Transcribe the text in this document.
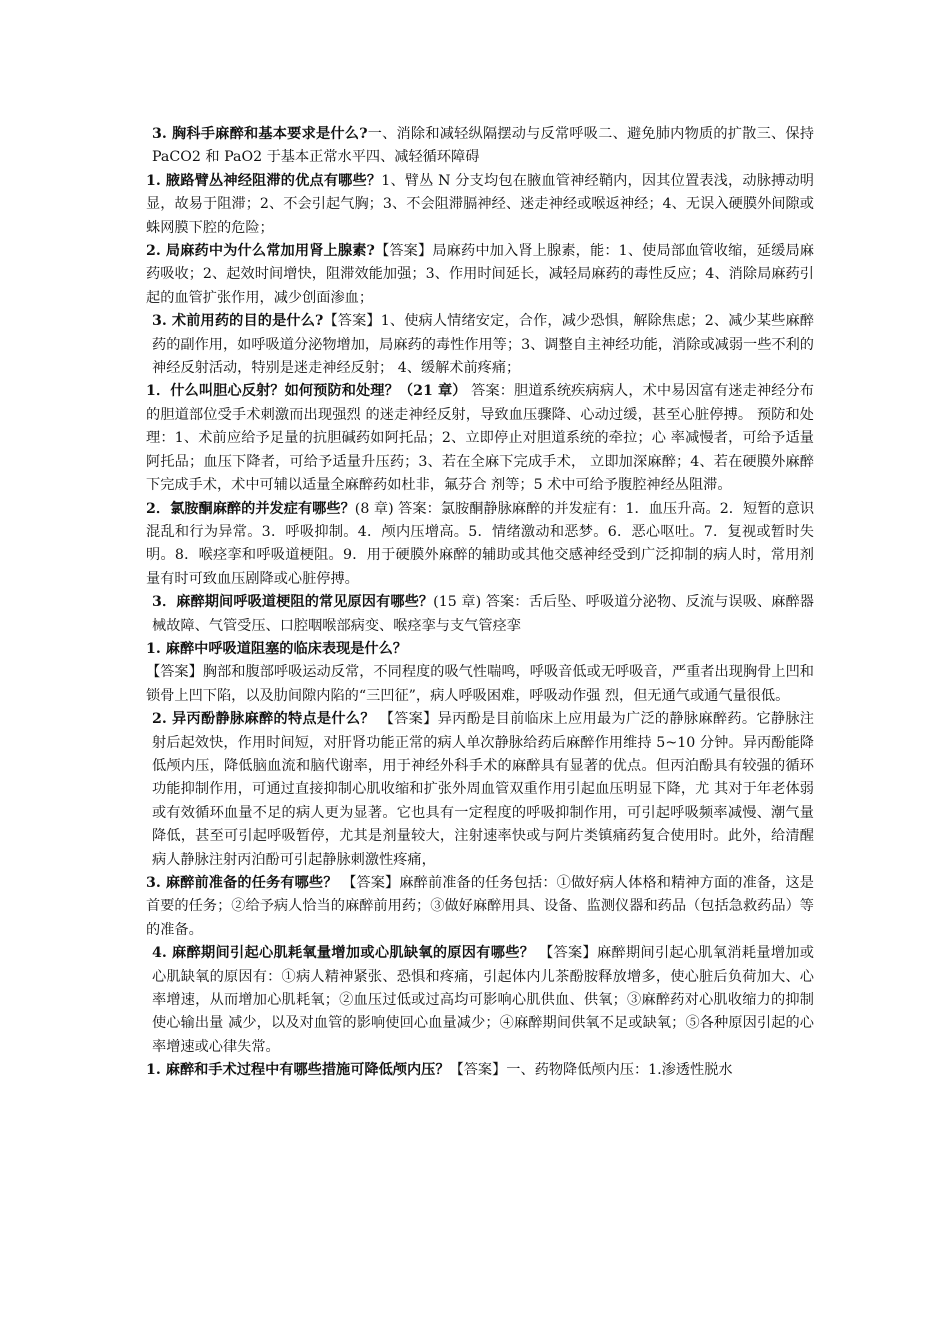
3. 胸科手麻醉和基本要求是什么?一、消除和减轻纵隔摆动与反常呼吸二、避免肺内物质的扩散三、保持 PaCO2 和 PaO2 于基本正常水平四、减轻循环障碍

1. 腋路臂丛神经阻滞的优点有哪些？1、臂丛 N 分支均包在腋血管神经鞘内，因其位置表浅，动脉搏动明显，故易于阻滞；2、不会引起气胸；3、不会阻滞膈神经、迷走神经或喉返神经；4、无误入硬膜外间隙或蛛网膜下腔的危险；

2. 局麻药中为什么常加用肾上腺素?【答案】局麻药中加入肾上腺素，能：1、使局部血管收缩，延缓局麻药吸收；2、起效时间增快，阻滞效能加强；3、作用时间延长，减轻局麻药的毒性反应；4、消除局麻药引起的血管扩张作用，减少创面渗血；

3. 术前用药的目的是什么?【答案】1、使病人情绪安定，合作，减少恐惧，解除焦虑；2、减少某些麻醉药的副作用，如呼吸道分泌物增加，局麻药的毒性作用等；3、调整自主神经功能，消除或减弱一些不利的神经反射活动，特别是迷走神经反射； 4、缓解术前疼痛；

1．什么叫胆心反射？如何预防和处理？（21 章） 答案：胆道系统疾病病人，术中易因富有迷走神经分布的胆道部位受手术刺激而出现强烈 的迷走神经反射，导致血压骤降、心动过缓，甚至心脏停搏。 预防和处理：1、术前应给予足量的抗胆碱药如阿托品；2、立即停止对胆道系统的牵拉；心 率减慢者，可给予适量阿托品；血压下降者，可给予适量升压药；3、若在全麻下完成手术， 立即加深麻醉；4、若在硬膜外麻醉下完成手术，术中可辅以适量全麻醉药如杜非，氟芬合 剂等；5 术中可给予腹腔神经丛阻滞。

2．氯胺酮麻醉的并发症有哪些？(8 章) 答案：氯胺酮静脉麻醉的并发症有：1．血压升高。2．短暂的意识混乱和行为异常。3．呼吸抑制。4．颅内压增高。5．情绪激动和恶梦。6．恶心呕吐。7．复视或暂时失明。8．喉痉挛和呼吸道梗阻。9．用于硬膜外麻醉的辅助或其他交感神经受到广泛抑制的病人时，常用剂量有时可致血压剧降或心脏停搏。

3．麻醉期间呼吸道梗阻的常见原因有哪些？(15 章) 答案：舌后坠、呼吸道分泌物、反流与误吸、麻醉器械故障、气管受压、口腔咽喉部病变、喉痉挛与支气管痉挛

1. 麻醉中呼吸道阻塞的临床表现是什么？

【答案】胸部和腹部呼吸运动反常，不同程度的吸气性喘鸣，呼吸音低或无呼吸音，严重者出现胸骨上凹和锁骨上凹下陷，以及肋间隙内陷的“三凹征”，病人呼吸困难，呼吸动作强 烈，但无通气或通气量很低。

2. 异丙酚静脉麻醉的特点是什么？ 【答案】异丙酚是目前临床上应用最为广泛的静脉麻醉药。它静脉注射后起效快，作用时间短，对肝肾功能正常的病人单次静脉给药后麻醉作用维持 5~10 分钟。异丙酚能降低颅内压，降低脑血流和脑代谢率，用于神经外科手术的麻醉具有显著的优点。但丙泊酚具有较强的循环功能抑制作用，可通过直接抑制心肌收缩和扩张外周血管双重作用引起血压明显下降，尤 其对于年老体弱或有效循环血量不足的病人更为显著。它也具有一定程度的呼吸抑制作用，可引起呼吸频率减慢、潮气量降低，甚至可引起呼吸暂停，尤其是剂量较大，注射速率快或与阿片类镇痛药复合使用时。此外，给清醒病人静脉注射丙泊酚可引起静脉刺激性疼痛，

3. 麻醉前准备的任务有哪些？ 【答案】麻醉前准备的任务包括：①做好病人体格和精神方面的准备，这是首要的任务；②给予病人恰当的麻醉前用药；③做好麻醉用具、设备、监测仪器和药品（包括急救药品）等 的准备。

4. 麻醉期间引起心肌耗氧量增加或心肌缺氧的原因有哪些？ 【答案】麻醉期间引起心肌氧消耗量增加或心肌缺氧的原因有：①病人精神紧张、恐惧和疼痛，引起体内儿茶酚胺释放增多，使心脏后负荷加大、心率增速，从而增加心肌耗氧；②血压过低或过高均可影响心肌供血、供氧；③麻醉药对心肌收缩力的抑制使心输出量 减少，以及对血管的影响使回心血量减少；④麻醉期间供氧不足或缺氧；⑤各种原因引起的心率增速或心律失常。

1. 麻醉和手术过程中有哪些措施可降低颅内压？【答案】一、药物降低颅内压：1.渗透性脱水
